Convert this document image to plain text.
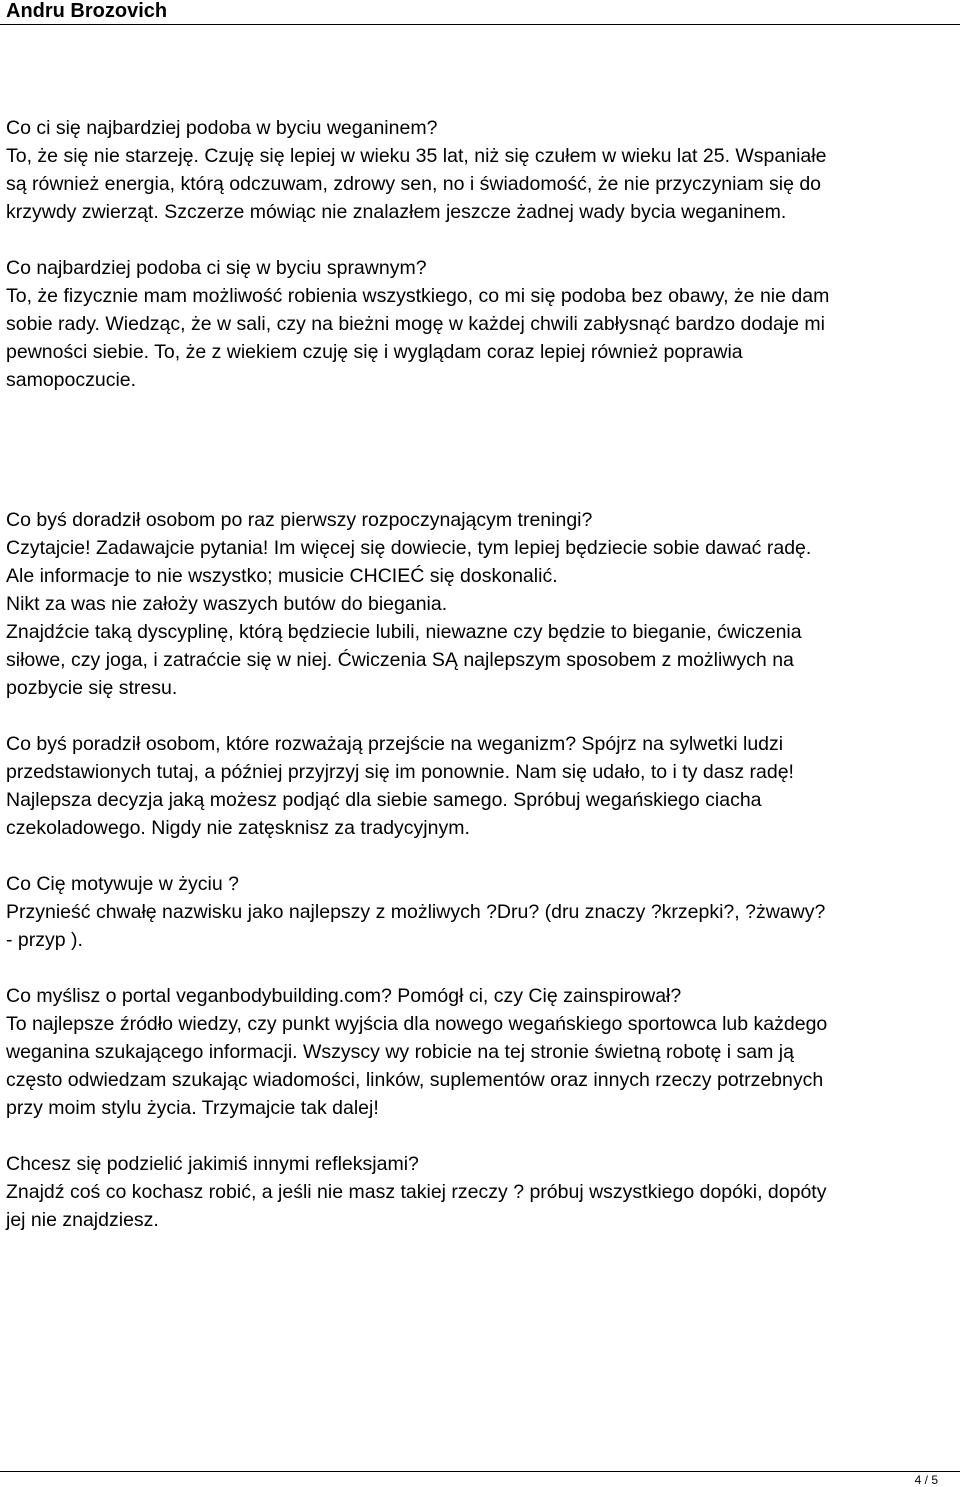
Andru Brozovich

Co ci się najbardziej podoba w byciu weganinem?
To, że się nie starzeję. Czuję się lepiej w wieku 35 lat, niż się czułem w wieku lat 25. Wspaniałe
są również energia, którą odczuwam, zdrowy sen, no i świadomość, że nie przyczyniam się do
krzywdy zwierząt. Szczerze mówiąc nie znalazłem jeszcze żadnej wady bycia weganinem.

Co najbardziej podoba ci się w byciu sprawnym?
To, że fizycznie mam możliwość robienia wszystkiego, co mi się podoba bez obawy, że nie dam
sobie rady. Wiedząc, że w sali, czy na bieżni mogę w każdej chwili zabłysnąć bardzo dodaje mi
pewności siebie. To, że z wiekiem czuję się i wyglądam coraz lepiej również poprawia
samopoczucie.

Co byś doradził osobom po raz pierwszy rozpoczynającym treningi?
Czytajcie! Zadawajcie pytania! Im więcej się dowiecie, tym lepiej będziecie sobie dawać radę.
Ale informacje to nie wszystko; musicie CHCIEĆ się doskonalić.
Nikt za was nie założy waszych butów do biegania.
Znajdźcie taką dyscyplinę, którą będziecie lubili, niewazne czy będzie to bieganie, ćwiczenia
siłowe, czy joga, i zatraćcie się w niej. Ćwiczenia SĄ najlepszym sposobem z możliwych na
pozbycie się stresu.

Co byś poradził osobom, które rozważają przejście na weganizm? Spójrz na sylwetki ludzi
przedstawionych tutaj, a później przyjrzyj się im ponownie. Nam się udało, to i ty dasz radę!
Najlepsza decyzja jaką możesz podjąć dla siebie samego. Spróbuj wegańskiego ciacha
czekoladowego. Nigdy nie zatęsknisz za tradycyjnym.

Co Cię motywuje w życiu ?
Przynieść chwałę nazwisku jako najlepszy z możliwych ?Dru? (dru znaczy ?krzepki?, ?żwawy?
- przyp ).

Co myślisz o portal veganbodybuilding.com? Pomógł ci, czy Cię zainspirował?
To najlepsze źródło wiedzy, czy punkt wyjścia dla nowego wegańskiego sportowca lub każdego
weganina szukającego informacji. Wszyscy wy robicie na tej stronie świetną robotę i sam ją
często odwiedzam szukając wiadomości, linków, suplementów oraz innych rzeczy potrzebnych
przy moim stylu życia. Trzymajcie tak dalej!

Chcesz się podzielić jakimiś innymi refleksjami?
Znajdź coś co kochasz robić, a jeśli nie masz takiej rzeczy ? próbuj wszystkiego dopóki, dopóty
jej nie znajdziesz.

4 / 5
